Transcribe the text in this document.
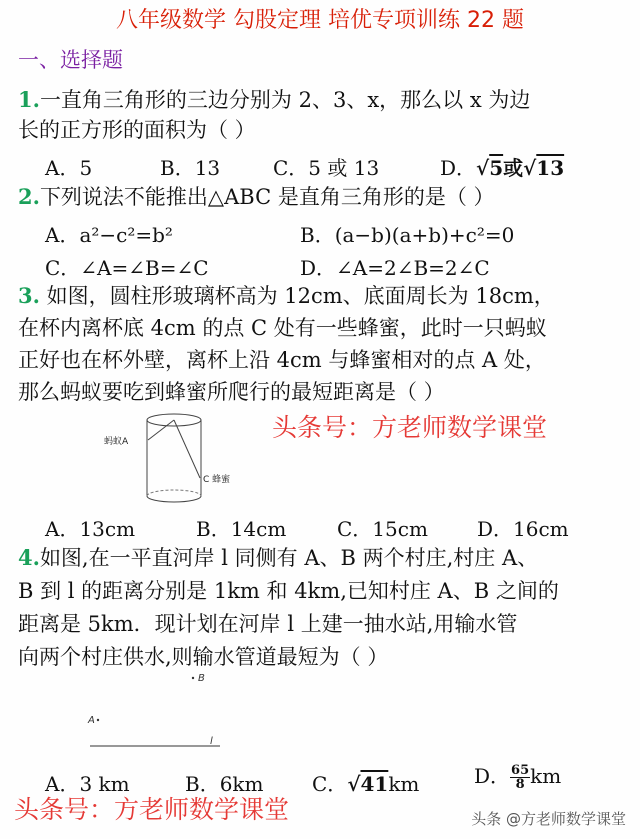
八年级数学 勾股定理 培优专项训练 22 题
一、选择题
1.一直角三角形的三边分别为 2、3、x，那么以 x 为边
长的正方形的面积为（ ）
A．5	B．13	C．5 或 13	D．√5或√13
2.下列说法不能推出△ABC 是直角三角形的是（ ）
A．a²−c²=b²	B．(a−b)(a+b)+c²=0
C．∠A=∠B=∠C	D．∠A=2∠B=2∠C
3. 如图，圆柱形玻璃杯高为 12cm、底面周长为 18cm，
在杯内离杯底 4cm 的点 C 处有一些蜂蜜，此时一只蚂蚁
正好也在杯外壁，离杯上沿 4cm 与蜂蜜相对的点 A 处，
那么蚂蚁要吃到蜂蜜所爬行的最短距离是（ ）
蚂蚁A
C 蜂蜜
头条号：方老师数学课堂
A．13cm	B．14cm	C．15cm D．16cm
4.如图,在一平直河岸 l 同侧有 A、B 两个村庄,村庄 A、
B 到 l 的距离分别是 1km 和 4km,已知村庄 A、B 之间的
距离是 5km．现计划在河岸 l 上建一抽水站,用输水管
向两个村庄供水,则输水管道最短为（ ）
B
A
l
A．3 km	B．6km C．√41km	D． $\frac{65}{8}$ km
头条号：方老师数学课堂	头条 @方老师数学课堂
